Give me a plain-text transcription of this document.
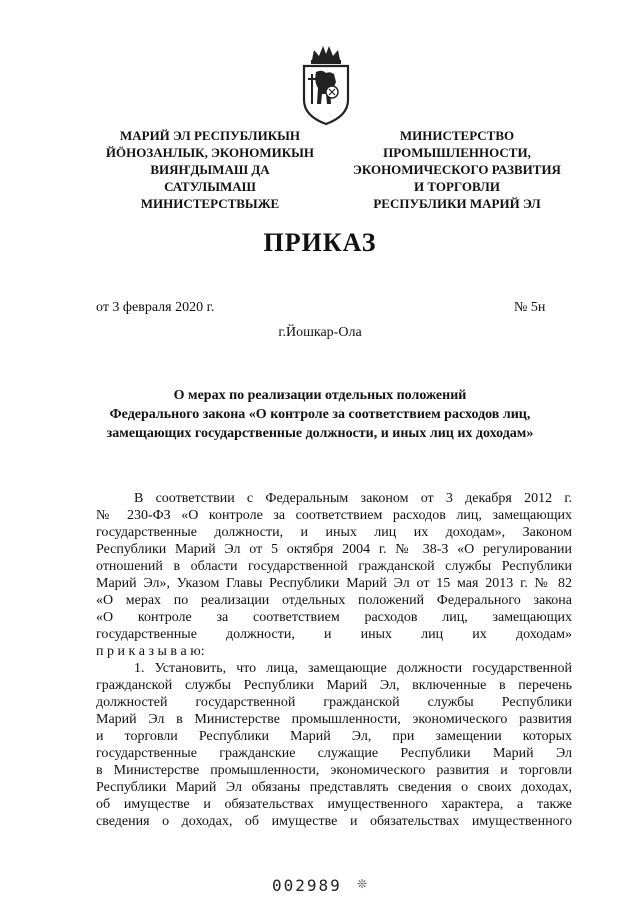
МАРИЙ ЭЛ РЕСПУБЛИКЫН
ЙÖНОЗАНЛЫК, ЭКОНОМИКЫН
ВИЯҤДЫМАШ ДА
САТУЛЫМАШ
МИНИСТЕРСТВЫЖЕ
МИНИСТЕРСТВО
ПРОМЫШЛЕННОСТИ,
ЭКОНОМИЧЕСКОГО РАЗВИТИЯ
И ТОРГОВЛИ
РЕСПУБЛИКИ МАРИЙ ЭЛ
ПРИКАЗ
от 3 февраля 2020 г.	№ 5н
г.Йошкар-Ола
О мерах по реализации отдельных положений
Федерального закона «О контроле за соответствием расходов лиц,
замещающих государственные должности, и иных лиц их доходам»
В соответствии с Федеральным законом от 3 декабря 2012 г.
№ 230-ФЗ «О контроле за соответствием расходов лиц, замещающих
государственные должности, и иных лиц их доходам», Законом
Республики Марий Эл от 5 октября 2004 г. № 38-З «О регулировании
отношений в области государственной гражданской службы Республики
Марий Эл», Указом Главы Республики Марий Эл от 15 мая 2013 г. № 82
«О мерах по реализации отдельных положений Федерального закона
«О контроле за соответствием расходов лиц, замещающих
государственные должности, и иных лиц их доходам»
п р и к а з ы в а ю:
1. Установить, что лица, замещающие должности государственной
гражданской службы Республики Марий Эл, включенные в перечень
должностей государственной гражданской службы Республики
Марий Эл в Министерстве промышленности, экономического развития
и торговли Республики Марий Эл, при замещении которых
государственные гражданские служащие Республики Марий Эл
в Министерстве промышленности, экономического развития и торговли
Республики Марий Эл обязаны представлять сведения о своих доходах,
об имуществе и обязательствах имущественного характера, а также
сведения о доходах, об имуществе и обязательствах имущественного
002989 ❊
